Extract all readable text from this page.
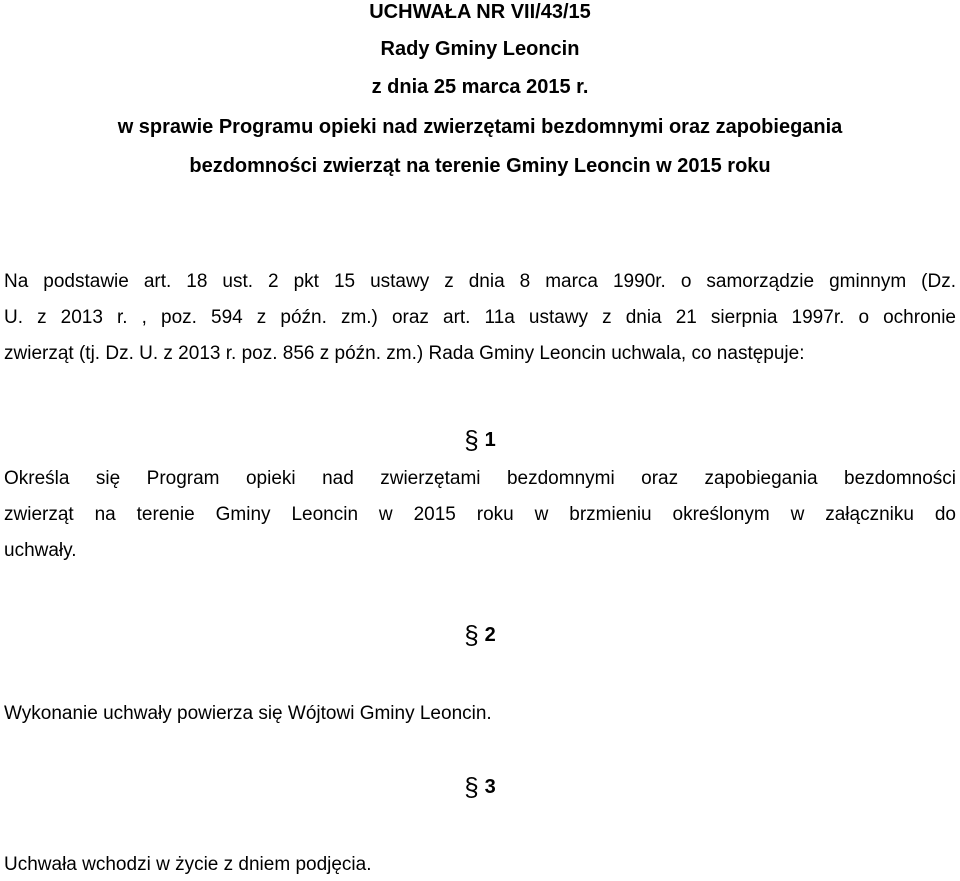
UCHWAŁA NR VII/43/15
Rady Gminy Leoncin
z dnia 25 marca 2015 r.
w sprawie Programu opieki nad zwierzętami bezdomnymi oraz zapobiegania
bezdomności zwierząt na terenie Gminy Leoncin w 2015 roku
Na podstawie art. 18 ust. 2 pkt 15 ustawy z dnia 8 marca 1990r. o samorządzie gminnym (Dz.
U. z 2013 r. , poz. 594 z późn. zm.) oraz art. 11a ustawy z dnia 21 sierpnia 1997r. o ochronie
zwierząt (tj. Dz. U. z 2013 r. poz. 856 z późn. zm.) Rada Gminy Leoncin uchwala, co następuje:
§ 1
Określa się Program opieki nad zwierzętami bezdomnymi oraz zapobiegania bezdomności
zwierząt na terenie Gminy Leoncin w 2015 roku w brzmieniu określonym w załączniku do
uchwały.
§ 2
Wykonanie uchwały powierza się Wójtowi Gminy Leoncin.
§ 3
Uchwała wchodzi w życie z dniem podjęcia.
